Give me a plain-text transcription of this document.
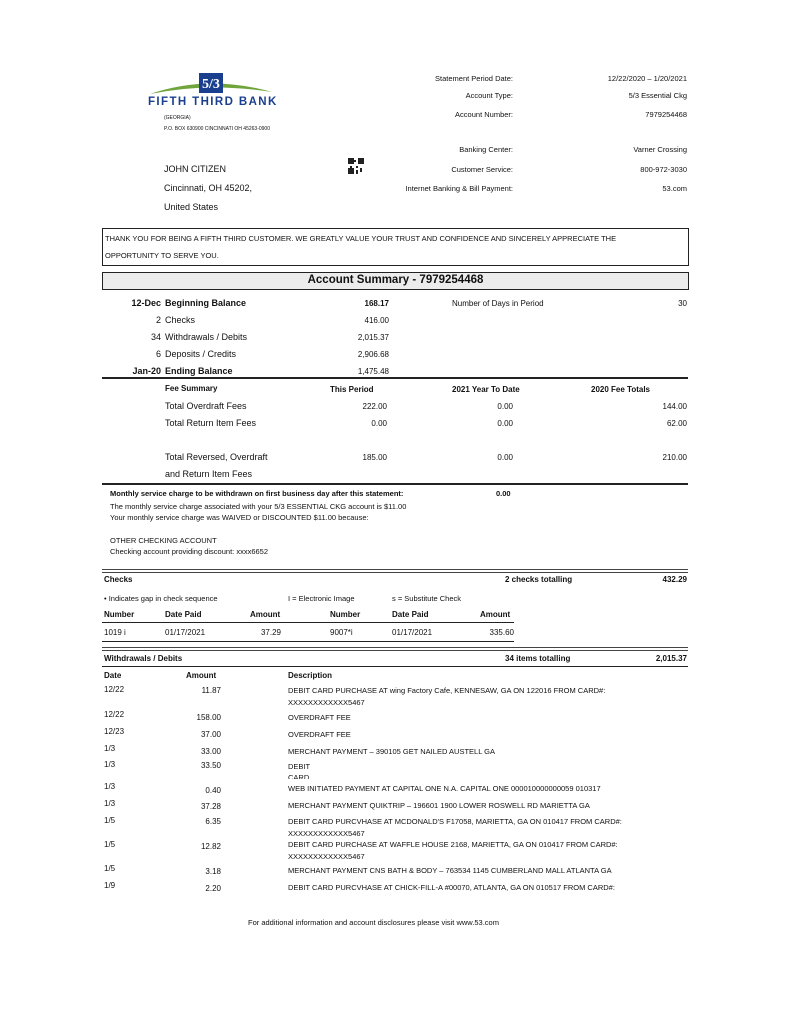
5/3
FIFTH THIRD BANK
(GEORGIA)
P.O. BOX 630900 CINCINNATI OH 45263-0900
JOHN CITIZEN
Cincinnati, OH 45202,
United States
Statement Period Date:	12/22/2020 – 1/20/2021
Account Type:	5/3 Essential Ckg
Account Number:	7979254468
Banking Center:	Varner Crossing
Customer Service:	800-972-3030
Internet Banking & Bill Payment:	53.com
THANK YOU FOR BEING A FIFTH THIRD CUSTOMER. WE GREATLY VALUE YOUR TRUST AND CONFIDENCE AND SINCERELY APPRECIATE THE
OPPORTUNITY TO SERVE YOU.
Account Summary - 7979254468
12-Dec Beginning Balance	168.17
2 Checks	416.00
34 Withdrawals / Debits	2,015.37
6 Deposits / Credits	2,906.68
Jan-20 Ending Balance	1,475.48
Number of Days in Period	30
Fee Summary	This Period	2021 Year To Date	2020 Fee Totals
Total Overdraft Fees	222.00	0.00	144.00
Total Return Item Fees	0.00	0.00	62.00
Total Reversed, Overdraft
and Return Item Fees
185.00	0.00	210.00
Monthly service charge to be withdrawn on first business day after this statement:	0.00
The monthly service charge associated with your 5/3 ESSENTIAL CKG account is $11.00
Your monthly service charge was WAIVED or DISCOUNTED $11.00 because:
OTHER CHECKING ACCOUNT
Checking account providing discount: xxxx6652
Checks	2 checks totalling	432.29
• Indicates gap in check sequence	I = Electronic Image	s = Substitute Check
Number	Date Paid	Amount	Number	Date Paid	Amount
1019 i	01/17/2021	37.29	9007*i	01/17/2021	335.60
Withdrawals / Debits	34 items totalling	2,015.37
Date	Amount	Description
12/22	11.87	DEBIT CARD PURCHASE AT wing Factory Cafe, KENNESAW, GA ON 122016 FROM CARD#:
XXXXXXXXXXXX5467
12/22	158.00	OVERDRAFT FEE
12/23	37.00	OVERDRAFT FEE
1/3	33.00	MERCHANT PAYMENT – 390105 GET NAILED AUSTELL GA
1/3	33.50	DEBIT
CARD
1/3	0.40	WEB INITIATED PAYMENT AT CAPITAL ONE N.A. CAPITAL ONE 000010000000059 010317
1/3	37.28	MERCHANT PAYMENT QUIKTRIP – 196601 1900 LOWER ROSWELL RD MARIETTA GA
1/5	6.35	DEBIT CARD PURCVHASE AT MCDONALD'S F17058, MARIETTA, GA ON 010417 FROM CARD#:
XXXXXXXXXXXX5467
1/5	12.82	DEBIT CARD PURCHASE AT WAFFLE HOUSE 2168, MARIETTA, GA ON 010417 FROM CARD#:
XXXXXXXXXXXX5467
1/5	3.18	MERCHANT PAYMENT CNS BATH & BODY – 763534 1145 CUMBERLAND MALL ATLANTA GA
1/9	2.20	DEBIT CARD PURCVHASE AT CHICK-FILL-A #00070, ATLANTA, GA ON 010517 FROM CARD#:
For additional information and account disclosures please visit www.53.com
